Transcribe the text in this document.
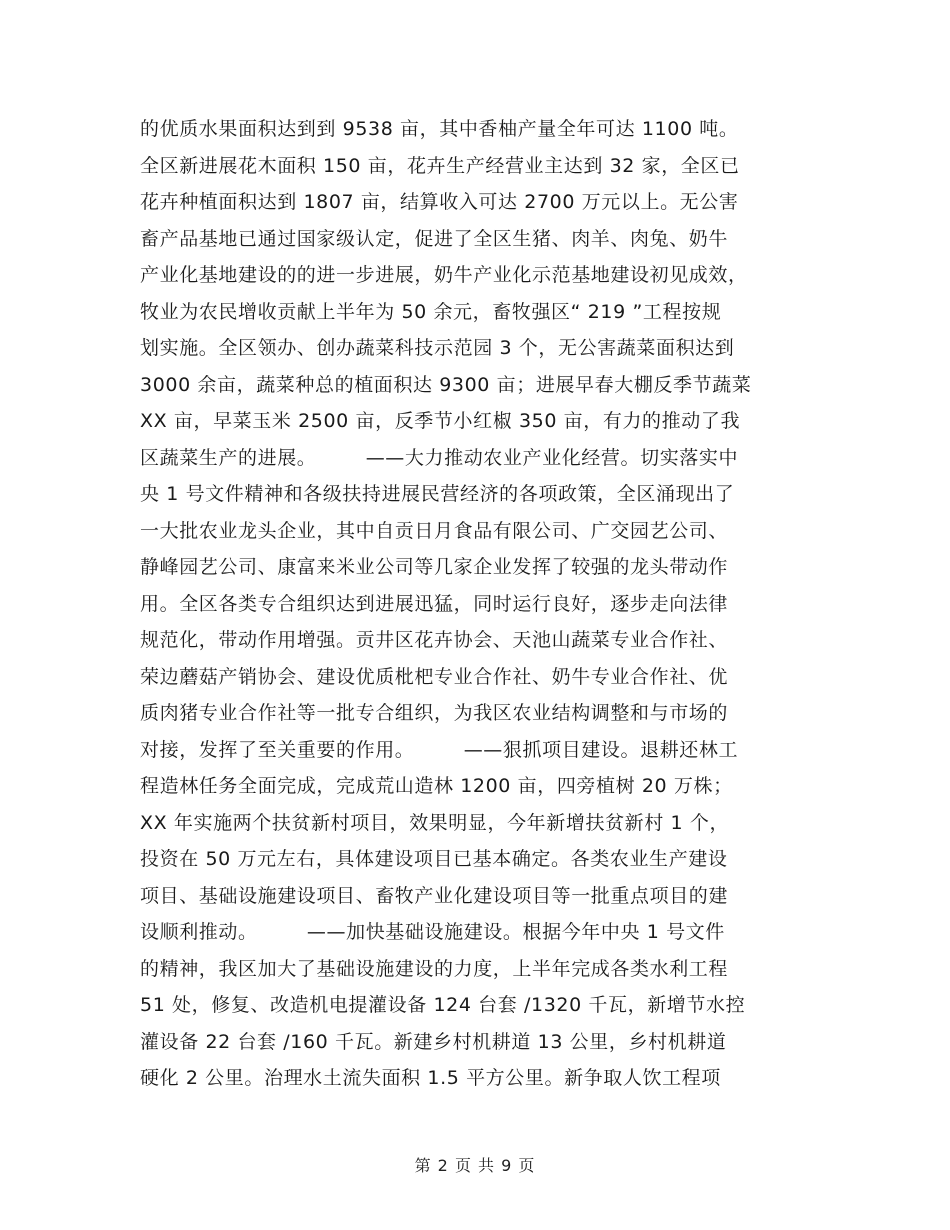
的优质水果面积达到到 9538 亩，其中香柚产量全年可达 1100 吨。
全区新进展花木面积 150 亩，花卉生产经营业主达到 32 家，全区已
花卉种植面积达到 1807 亩，结算收入可达 2700 万元以上。无公害
畜产品基地已通过国家级认定，促进了全区生猪、肉羊、肉兔、奶牛
产业化基地建设的的进一步进展，奶牛产业化示范基地建设初见成效，
牧业为农民增收贡献上半年为 50 余元，畜牧强区“ 219 ”工程按规
划实施。全区领办、创办蔬菜科技示范园 3 个，无公害蔬菜面积达到
3000 余亩，蔬菜种总的植面积达 9300 亩；进展早春大棚反季节蔬菜
XX 亩，早菜玉米 2500 亩，反季节小红椒 350 亩，有力的推动了我
区蔬菜生产的进展。　　　——大力推动农业产业化经营。切实落实中
央 1 号文件精神和各级扶持进展民营经济的各项政策，全区涌现出了
一大批农业龙头企业，其中自贡日月食品有限公司、广交园艺公司、
静峰园艺公司、康富来米业公司等几家企业发挥了较强的龙头带动作
用。全区各类专合组织达到进展迅猛，同时运行良好，逐步走向法律
规范化，带动作用增强。贡井区花卉协会、天池山蔬菜专业合作社、
荣边蘑菇产销协会、建设优质枇杷专业合作社、奶牛专业合作社、优
质肉猪专业合作社等一批专合组织，为我区农业结构调整和与市场的
对接，发挥了至关重要的作用。　　　——狠抓项目建设。退耕还林工
程造林任务全面完成，完成荒山造林 1200 亩，四旁植树 20 万株；
XX 年实施两个扶贫新村项目，效果明显，今年新增扶贫新村 1 个，
投资在 50 万元左右，具体建设项目已基本确定。各类农业生产建设
项目、基础设施建设项目、畜牧产业化建设项目等一批重点项目的建
设顺利推动。　　　——加快基础设施建设。根据今年中央 1 号文件
的精神，我区加大了基础设施建设的力度，上半年完成各类水利工程
51 处，修复、改造机电提灌设备 124 台套 /1320 千瓦，新增节水控
灌设备 22 台套 /160 千瓦。新建乡村机耕道 13 公里，乡村机耕道
硬化 2 公里。治理水土流失面积 1.5 平方公里。新争取人饮工程项
第 2 页 共 9 页
